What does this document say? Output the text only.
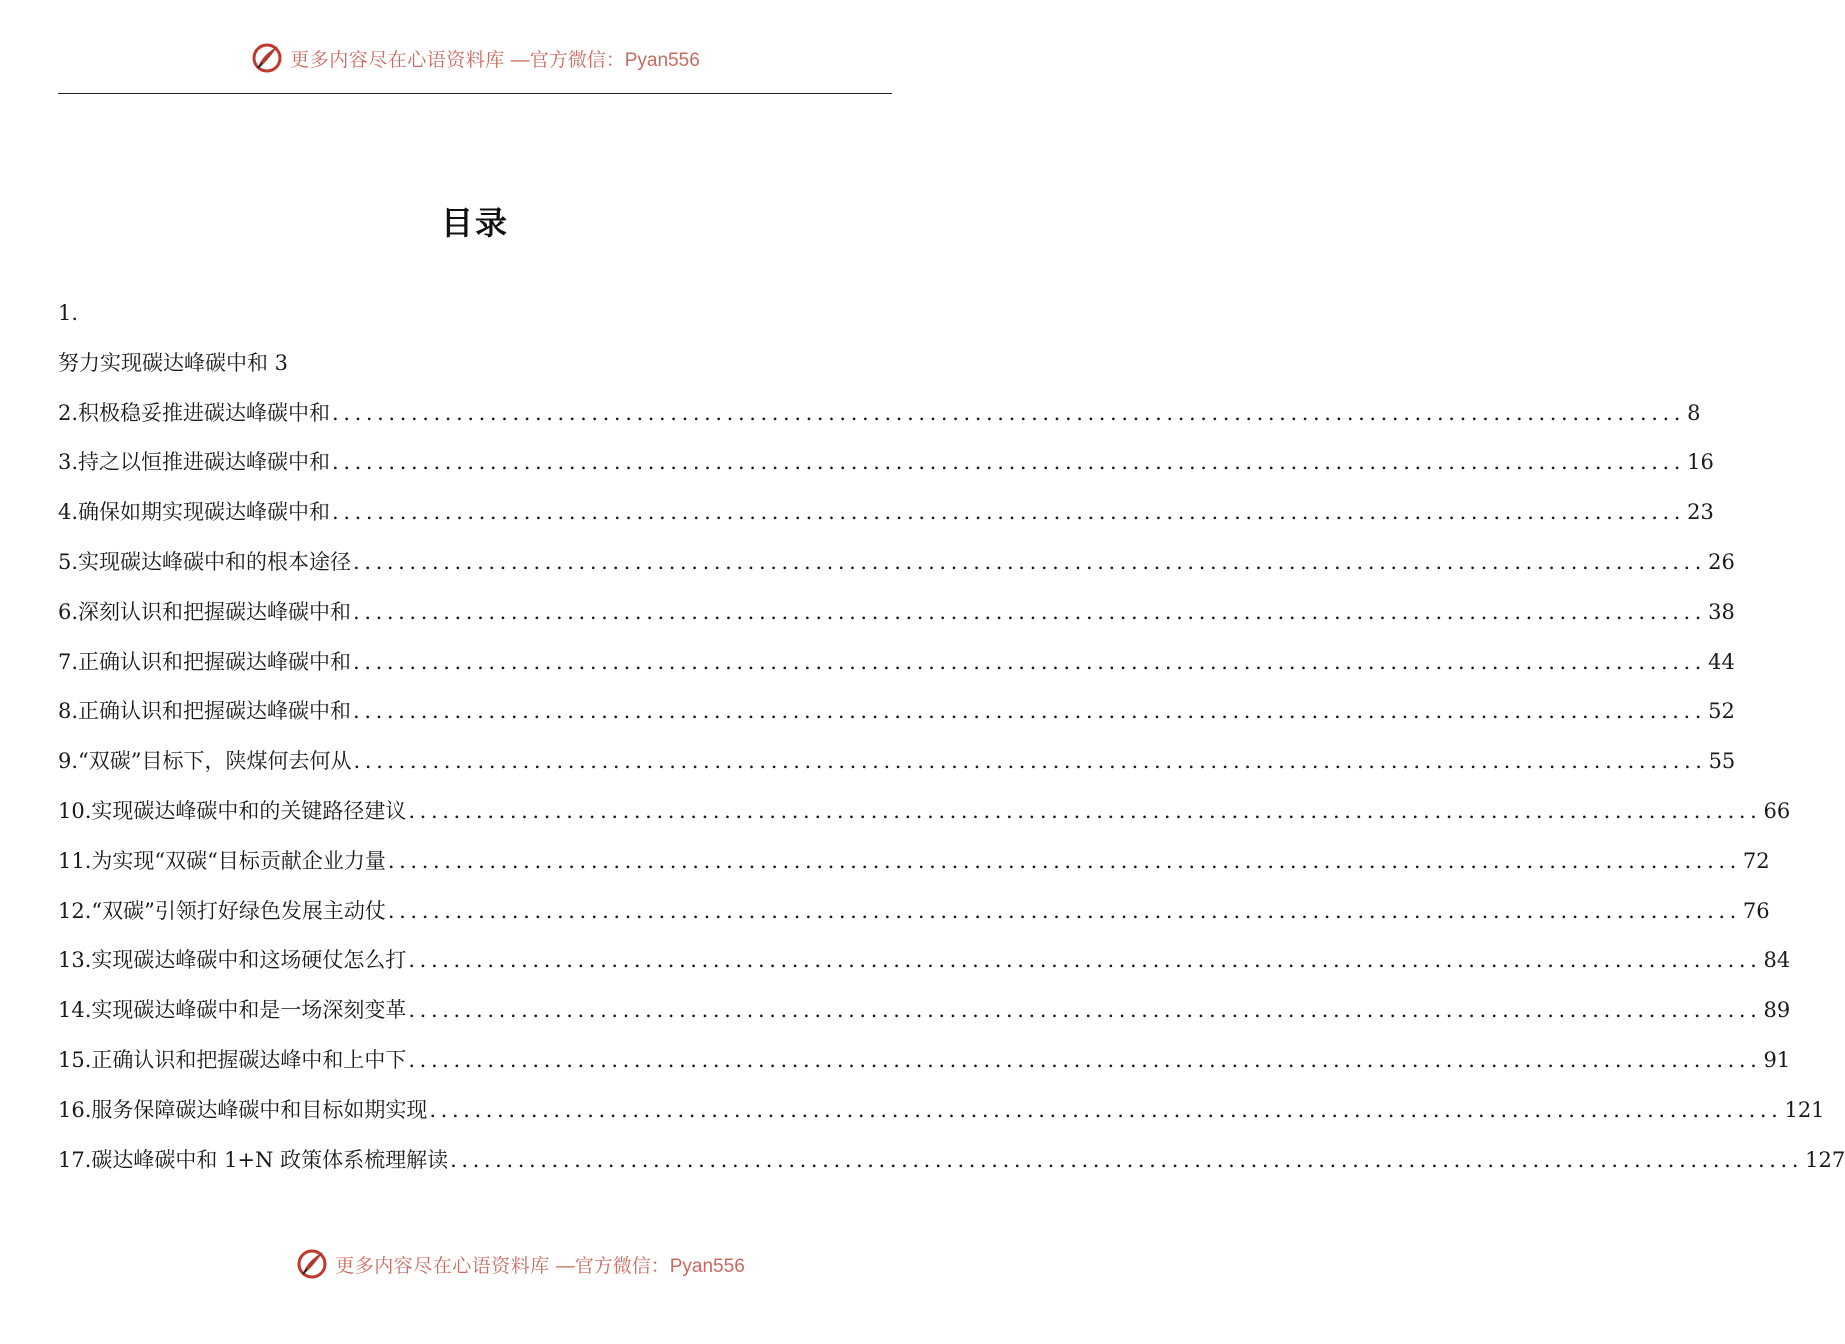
更多内容尽在心语资料库 —官方微信：Pyan556
目录
1.
努力实现碳达峰碳中和 3
2.积极稳妥推进碳达峰碳中和 ........................................................................................................................ 8
3.持之以恒推进碳达峰碳中和 ........................................................................................................................ 16
4.确保如期实现碳达峰碳中和 ........................................................................................................................ 23
5.实现碳达峰碳中和的根本途径 ........................................................................................................................ 26
6.深刻认识和把握碳达峰碳中和 ........................................................................................................................ 38
7.正确认识和把握碳达峰碳中和 ........................................................................................................................ 44
8.正确认识和把握碳达峰碳中和 ........................................................................................................................ 52
9.“双碳”目标下，陕煤何去何从 ........................................................................................................................ 55
10.实现碳达峰碳中和的关键路径建议 ........................................................................................................................ 66
11.为实现“双碳“目标贡献企业力量 ........................................................................................................................ 72
12.“双碳”引领打好绿色发展主动仗 ........................................................................................................................ 76
13.实现碳达峰碳中和这场硬仗怎么打 ........................................................................................................................ 84
14.实现碳达峰碳中和是一场深刻变革 ........................................................................................................................ 89
15.正确认识和把握碳达峰中和上中下 ........................................................................................................................ 91
16.服务保障碳达峰碳中和目标如期实现 ........................................................................................................................ 121
17.碳达峰碳中和 1+N 政策体系梳理解读 ........................................................................................................................ 127
更多内容尽在心语资料库 —官方微信：Pyan556
